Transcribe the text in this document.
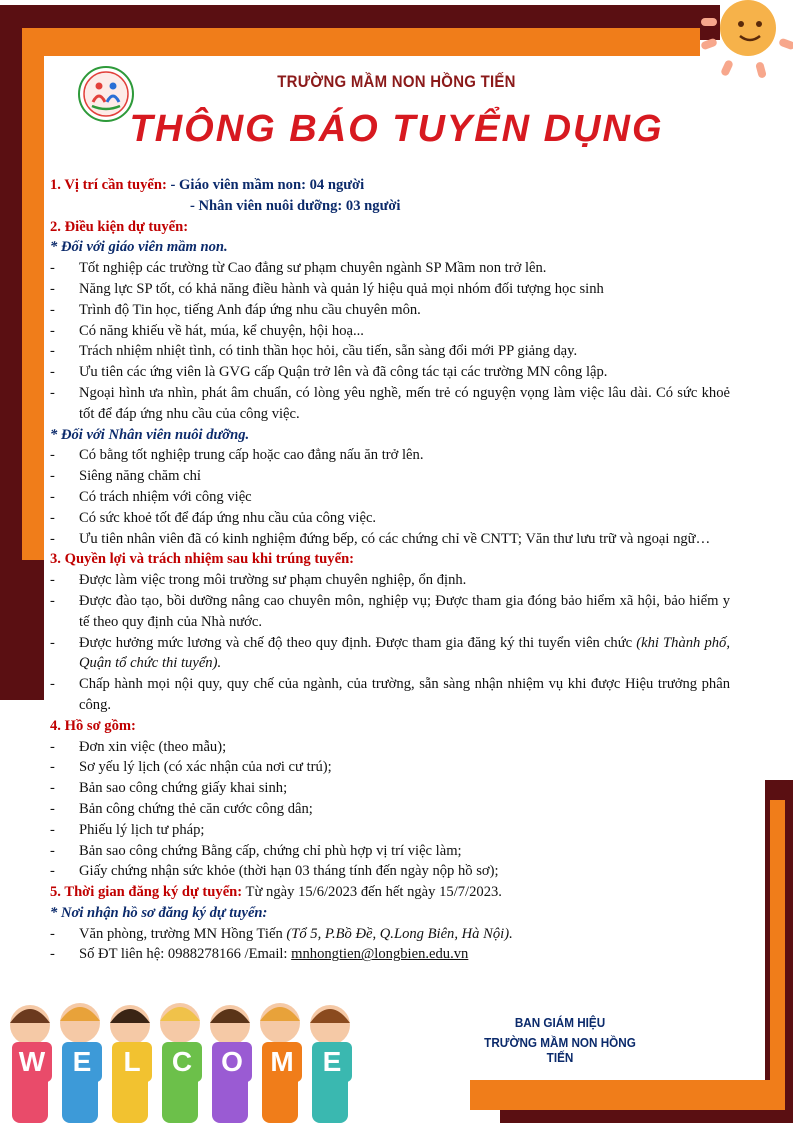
TRƯỜNG MẦM NON HỒNG TIẾN
THÔNG BÁO TUYỂN DỤNG
1. Vị trí cần tuyển: - Giáo viên mầm non: 04 người
- Nhân viên nuôi dưỡng: 03 người
2. Điều kiện dự tuyển:
* Đối với giáo viên mầm non.
- Tốt nghiệp các trường từ Cao đẳng sư phạm chuyên ngành SP Mầm non trở lên.
- Năng lực SP tốt, có khả năng điều hành và quản lý hiệu quả mọi nhóm đối tượng học sinh
- Trình độ Tin học, tiếng Anh đáp ứng nhu cầu chuyên môn.
- Có năng khiếu về hát, múa, kể chuyện, hội hoạ...
- Trách nhiệm nhiệt tình, có tinh thần học hỏi, cầu tiến, sẵn sàng đổi mới PP giảng dạy.
- Ưu tiên các ứng viên là GVG cấp Quận trở lên và đã công tác tại các trường MN công lập.
- Ngoại hình ưa nhìn, phát âm chuẩn, có lòng yêu nghề, mến trẻ có nguyện vọng làm việc lâu dài. Có sức khoẻ tốt để đáp ứng nhu cầu của công việc.
* Đối với Nhân viên nuôi dưỡng.
- Có bằng tốt nghiệp trung cấp hoặc cao đẳng nấu ăn trở lên.
- Siêng năng chăm chỉ
- Có trách nhiệm với công việc
- Có sức khoẻ tốt để đáp ứng nhu cầu của công việc.
- Ưu tiên nhân viên đã có kinh nghiệm đứng bếp, có các chứng chỉ về CNTT; Văn thư lưu trữ và ngoại ngữ…
3. Quyền lợi và trách nhiệm sau khi trúng tuyển:
- Được làm việc trong môi trường sư phạm chuyên nghiệp, ổn định.
- Được đào tạo, bồi dưỡng nâng cao chuyên môn, nghiệp vụ; Được tham gia đóng bảo hiểm xã hội, bảo hiểm y tế theo quy định của Nhà nước.
- Được hưởng mức lương và chế độ theo quy định. Được tham gia đăng ký thi tuyển viên chức (khi Thành phố, Quận tổ chức thi tuyển).
- Chấp hành mọi nội quy, quy chế của ngành, của trường, sẵn sàng nhận nhiệm vụ khi được Hiệu trưởng phân công.
4. Hồ sơ gồm:
- Đơn xin việc (theo mẫu);
- Sơ yếu lý lịch (có xác nhận của nơi cư trú);
- Bản sao công chứng giấy khai sinh;
- Bản công chứng thẻ căn cước công dân;
- Phiếu lý lịch tư pháp;
- Bản sao công chứng Bằng cấp, chứng chỉ phù hợp vị trí việc làm;
- Giấy chứng nhận sức khỏe (thời hạn 03 tháng tính đến ngày nộp hồ sơ);
5. Thời gian đăng ký dự tuyển: Từ ngày 15/6/2023 đến hết ngày 15/7/2023.
* Nơi nhận hồ sơ đăng ký dự tuyển:
- Văn phòng, trường MN Hồng Tiến (Tổ 5, P.Bồ Đề, Q.Long Biên, Hà Nội).
- Số ĐT liên hệ: 0988278166 /Email: mnhongtien@longbien.edu.vn
BAN GIÁM HIỆU
TRƯỜNG MẦM NON HỒNG TIẾN
W E	L	C	O M	E
